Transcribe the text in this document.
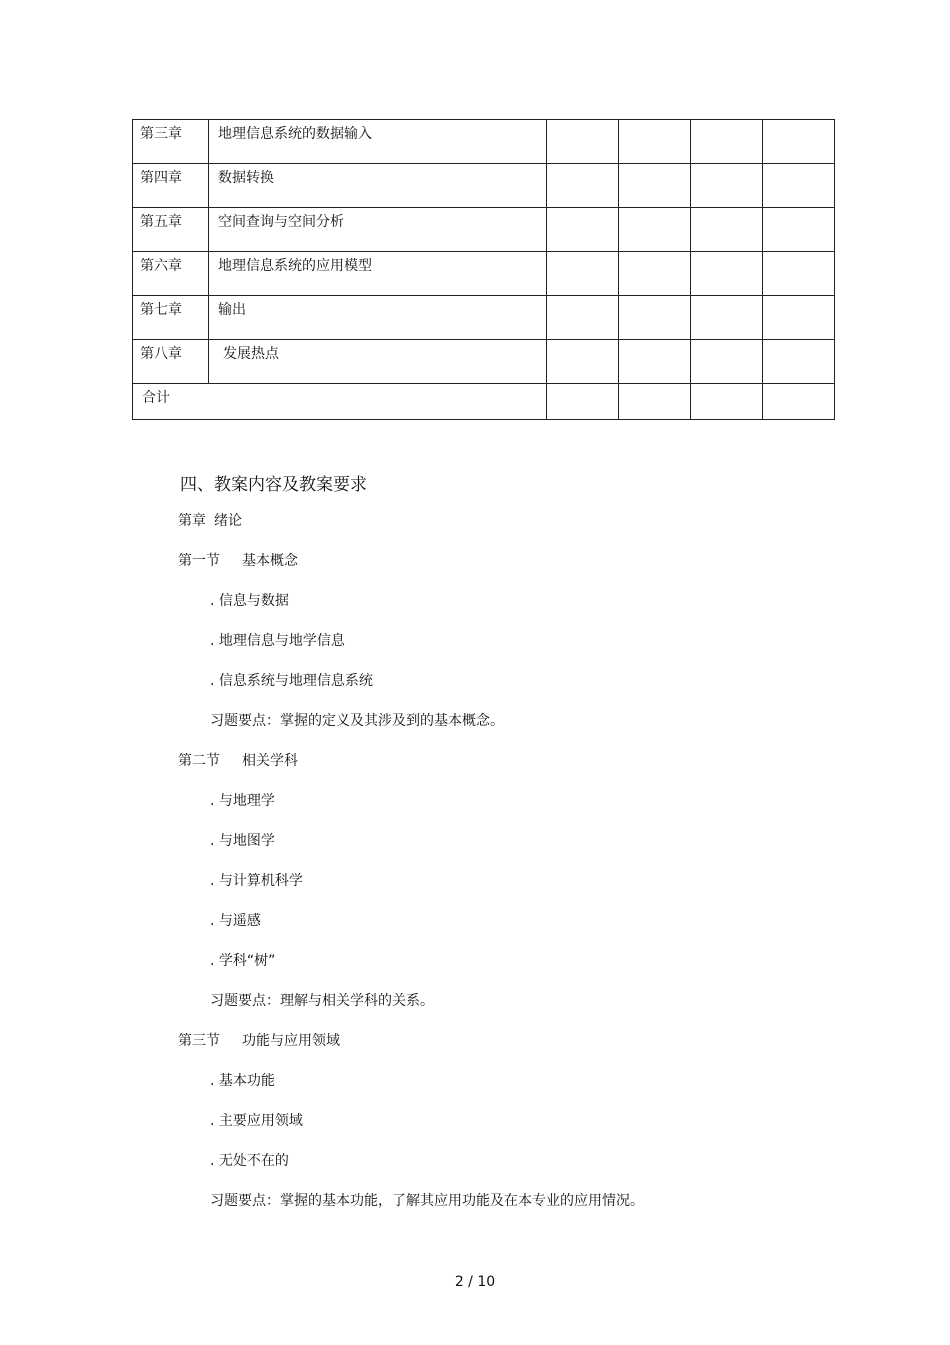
第三章	地理信息系统的数据输入				
第四章	数据转换				
第五章	空间查询与空间分析				
第六章	地理信息系统的应用模型				
第七章	输出				
第八章	发展热点				
合计					
四、教案内容及教案要求
第章 绪论
第一节 基本概念
. 信息与数据
. 地理信息与地学信息
. 信息系统与地理信息系统
习题要点：掌握的定义及其涉及到的基本概念。
第二节 相关学科
. 与地理学
. 与地图学
. 与计算机科学
. 与遥感
. 学科“树”
习题要点：理解与相关学科的关系。
第三节 功能与应用领域
. 基本功能
. 主要应用领域
. 无处不在的
习题要点：掌握的基本功能，了解其应用功能及在本专业的应用情况。
2 / 10
